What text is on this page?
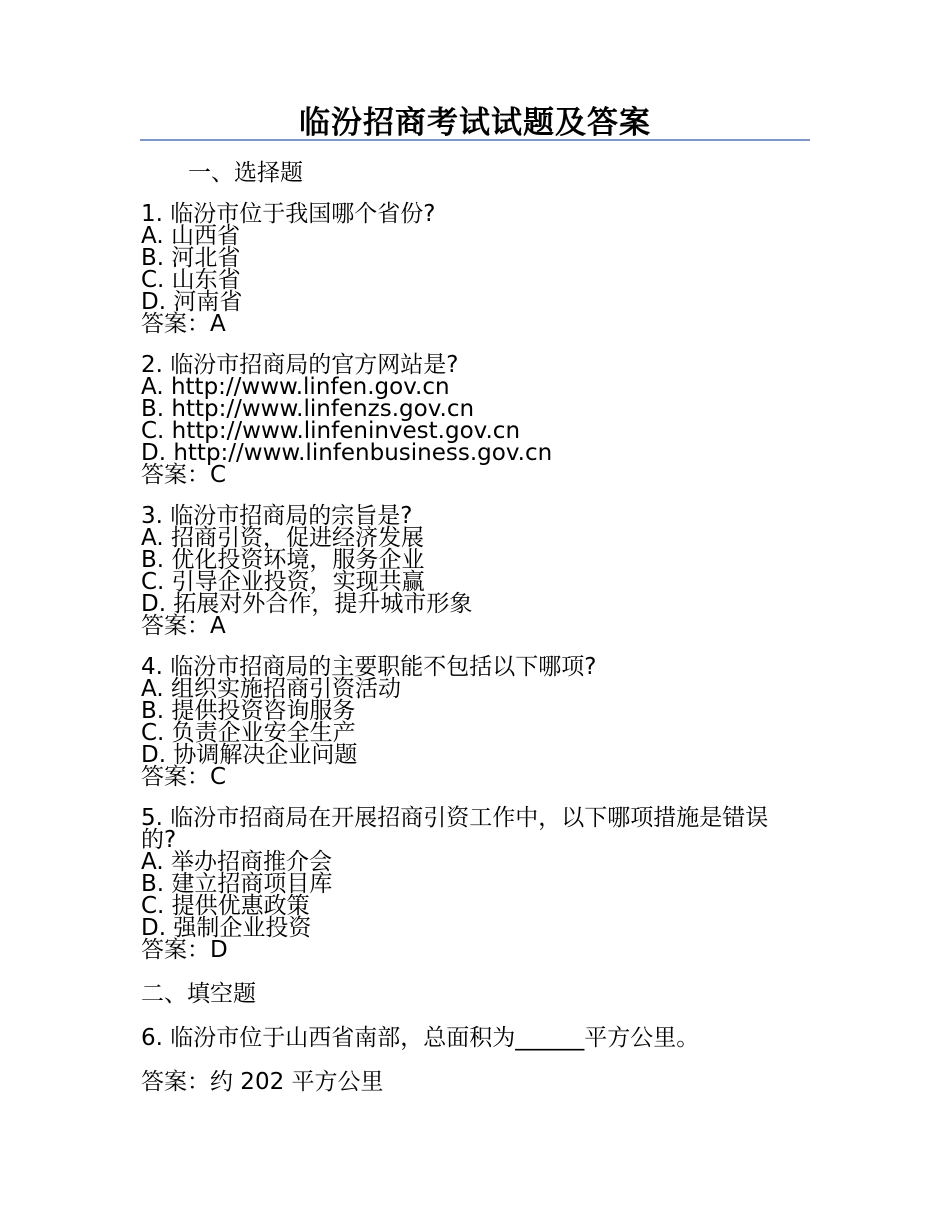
临汾招商考试试题及答案
一、选择题
1. 临汾市位于我国哪个省份?
A. 山西省
B. 河北省
C. 山东省
D. 河南省
答案：A
2. 临汾市招商局的官方网站是?
A. http://www.linfen.gov.cn
B. http://www.linfenzs.gov.cn
C. http://www.linfeninvest.gov.cn
D. http://www.linfenbusiness.gov.cn
答案：C
3. 临汾市招商局的宗旨是?
A. 招商引资，促进经济发展
B. 优化投资环境，服务企业
C. 引导企业投资，实现共赢
D. 拓展对外合作，提升城市形象
答案：A
4. 临汾市招商局的主要职能不包括以下哪项?
A. 组织实施招商引资活动
B. 提供投资咨询服务
C. 负责企业安全生产
D. 协调解决企业问题
答案：C
5. 临汾市招商局在开展招商引资工作中，以下哪项措施是错误的?
A. 举办招商推介会
B. 建立招商项目库
C. 提供优惠政策
D. 强制企业投资
答案：D
二、填空题
6. 临汾市位于山西省南部，总面积为______平方公里。
答案：约 202 平方公里
